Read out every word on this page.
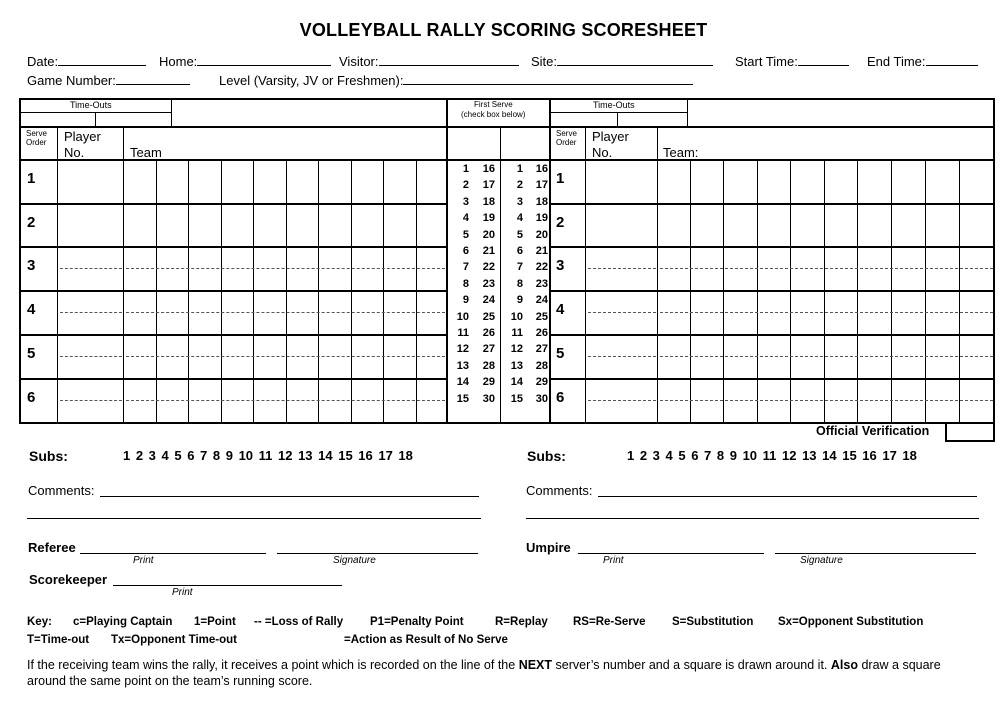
VOLLEYBALL RALLY SCORING SCORESHEET
Date:	Home:	Visitor:	Site:	Start Time:	End Time:
Game Number:	Level (Varsity, JV or Freshmen):
Time-Outs	First Serve
(check box below)
Time-Outs
Serve
Order Player
No.	Team
Serve
Order Player
No.	Team:
1
2
3
4
5
6
1
2
3
4
5
6
1	16
2	17
3	18
4	19
5	20
6	21
7	22
8	23
9	24
10	25
11	26
12	27
13	28
14	29
15	30
1	16
2	17
3	18
4	19
5	20
6	21
7	22
8	23
9	24
10	25
11	26
12	27
13	28
14	29
15	30
Official Verification
Subs:	1 2 3 4 5 6 7 8 9 10 11 12 13 14 15 16 17 18	Subs:	1 2 3 4 5 6 7 8 9 10 11 12 13 14 15 16 17 18
Comments:	Comments:
Referee
Print	Signature
Umpire
Print	Signature
Scorekeeper
Print
Key: c=Playing Captain 1=Point -- =Loss of Rally P1=Penalty Point	R=Replay RS=Re-Serve S=Substitution Sx=Opponent Substitution
T=Time-out Tx=Opponent Time-out	=Action as Result of No Serve
If the receiving team wins the rally, it receives a point which is recorded on the line of the NEXT server’s number and a square is drawn around it. Also draw a square around the same point on the team’s running score.
